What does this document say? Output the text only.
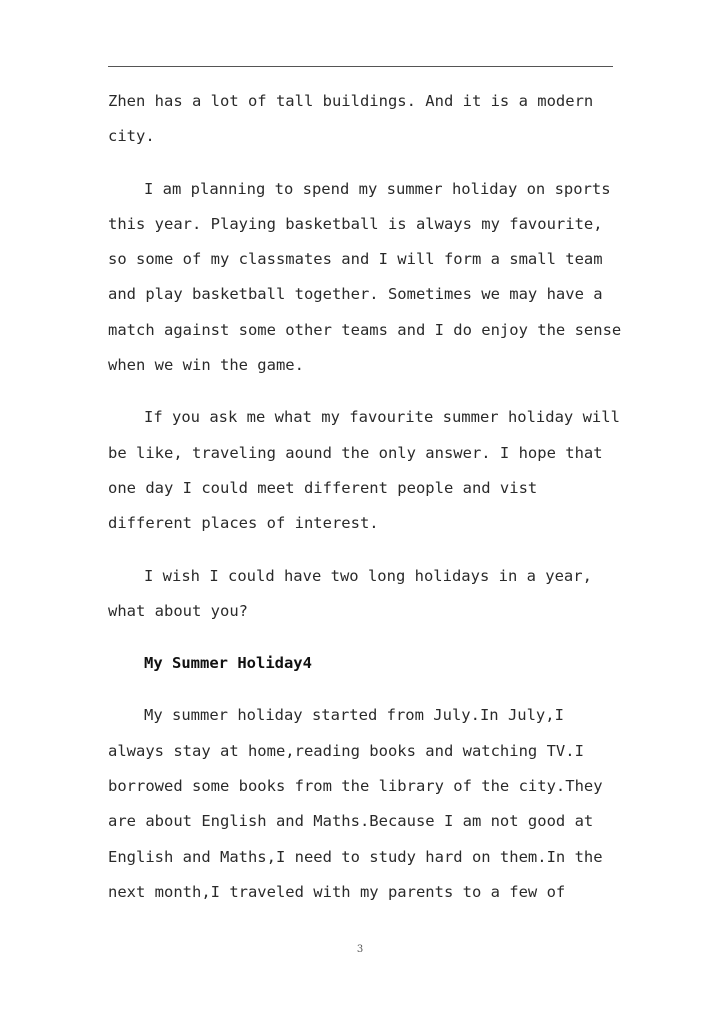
Zhen has a lot of tall buildings. And it is a modern
city.

I am planning to spend my summer holiday on sports
this year. Playing basketball is always my favourite,
so some of my classmates and I will form a small team
and play basketball together. Sometimes we may have a
match against some other teams and I do enjoy the sense
when we win the game.

If you ask me what my favourite summer holiday will
be like, traveling aound the only answer. I hope that
one day I could meet different people and vist
different places of interest.

I wish I could have two long holidays in a year,
what about you?

My Summer Holiday4

My summer holiday started from July.In July,I
always stay at home,reading books and watching TV.I
borrowed some books from the library of the city.They
are about English and Maths.Because I am not good at
English and Maths,I need to study hard on them.In the
next month,I traveled with my parents to a few of

3
